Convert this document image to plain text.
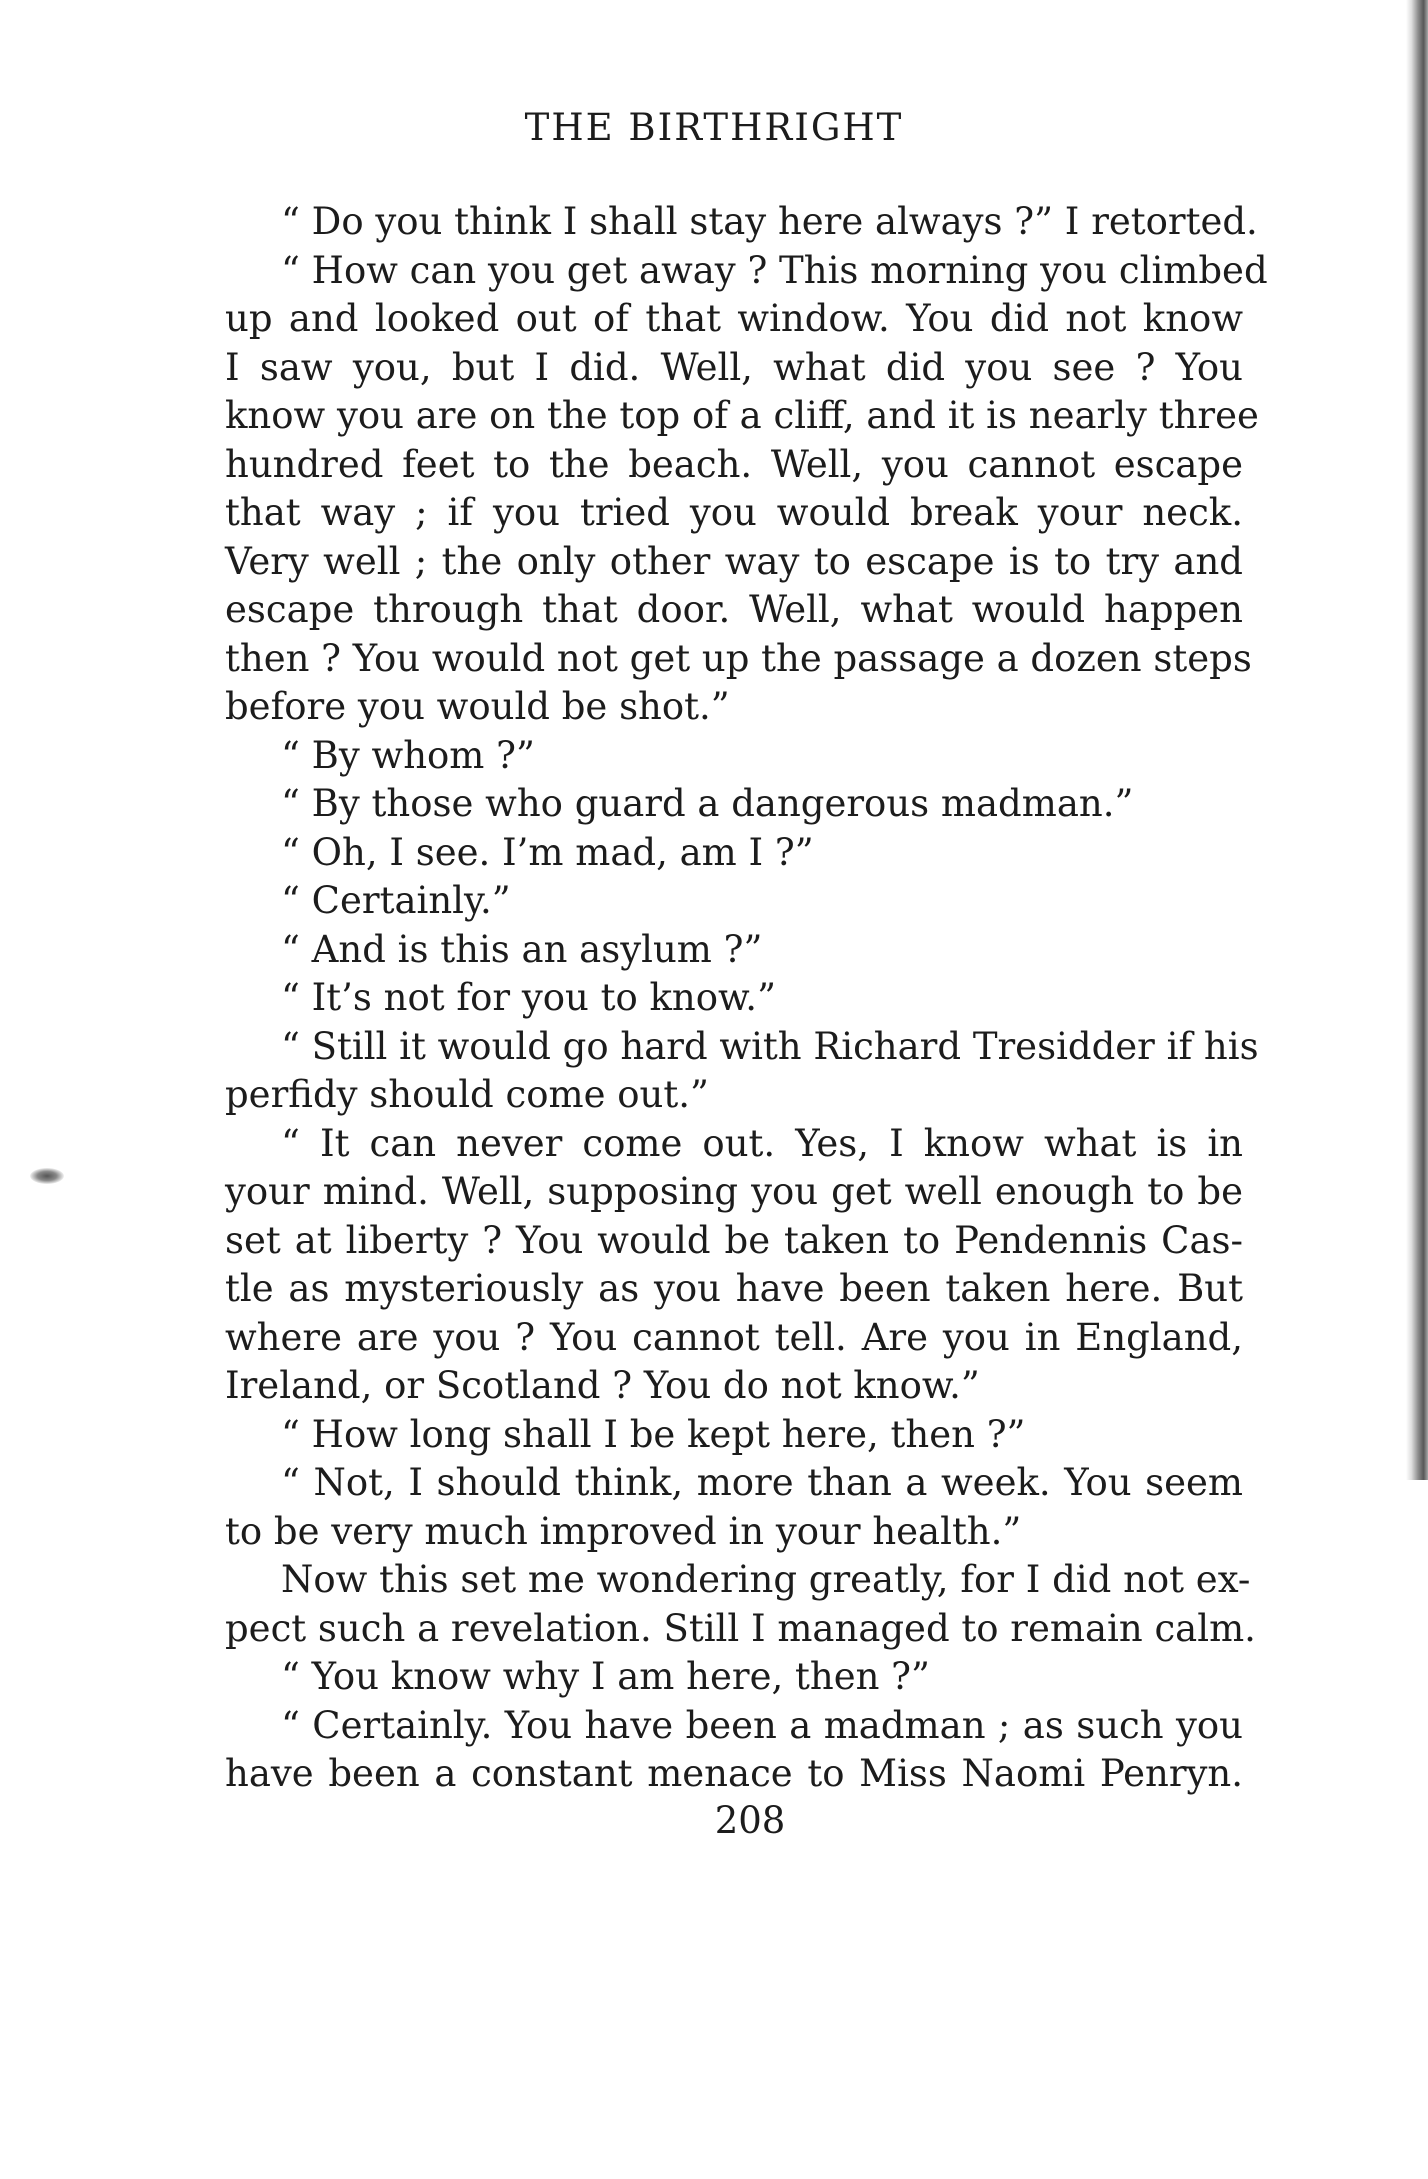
THE BIRTHRIGHT
“ Do you think I shall stay here always ?” I retorted.
“ How can you get away ? This morning you climbed
up and looked out of that window. You did not know
I saw you, but I did. Well, what did you see ? You
know you are on the top of a cliff, and it is nearly three
hundred feet to the beach. Well, you cannot escape
that way ; if you tried you would break your neck.
Very well ; the only other way to escape is to try and
escape through that door. Well, what would happen
then ? You would not get up the passage a dozen steps
before you would be shot.”
“ By whom ?”
“ By those who guard a dangerous madman.”
“ Oh, I see. I’m mad, am I ?”
“ Certainly.”
“ And is this an asylum ?”
“ It’s not for you to know.”
“ Still it would go hard with Richard Tresidder if his
perfidy should come out.”
“ It can never come out. Yes, I know what is in
your mind. Well, supposing you get well enough to be
set at liberty ? You would be taken to Pendennis Cas-
tle as mysteriously as you have been taken here. But
where are you ? You cannot tell. Are you in England,
Ireland, or Scotland ? You do not know.”
“ How long shall I be kept here, then ?”
“ Not, I should think, more than a week. You seem
to be very much improved in your health.”
Now this set me wondering greatly, for I did not ex-
pect such a revelation. Still I managed to remain calm.
“ You know why I am here, then ?”
“ Certainly. You have been a madman ; as such you
have been a constant menace to Miss Naomi Penryn.
208
